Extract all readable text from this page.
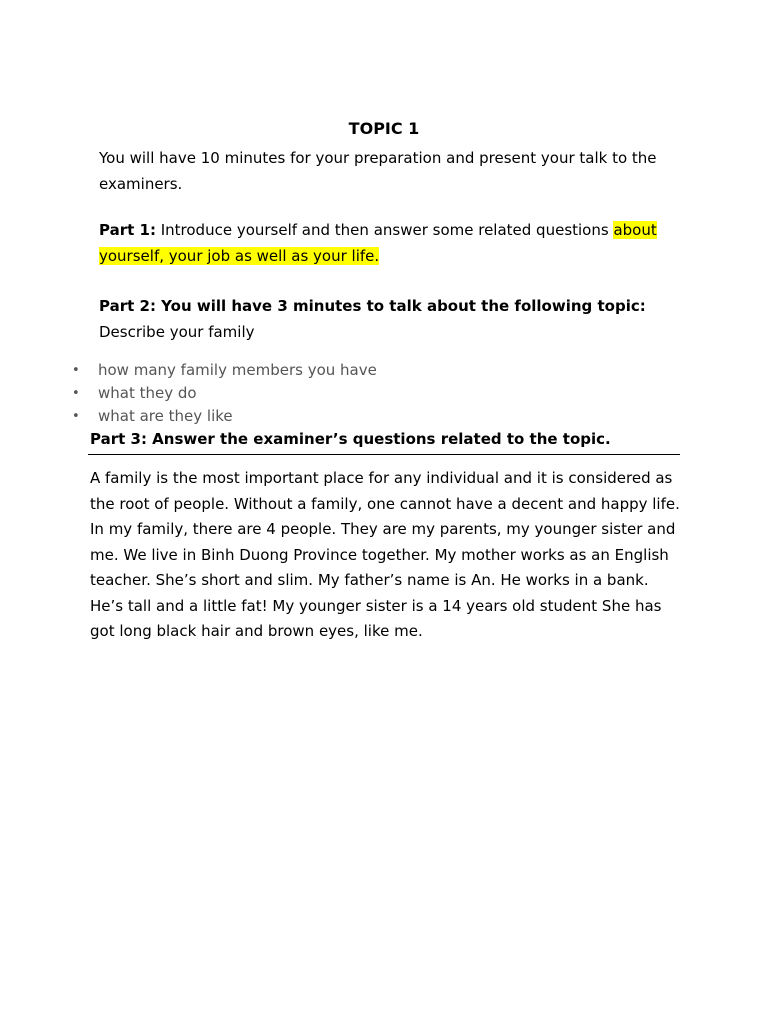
TOPIC 1
You will have 10 minutes for your preparation and present your talk to the examiners.
Part 1: Introduce yourself and then answer some related questions about yourself, your job as well as your life.
Part 2: You will have 3 minutes to talk about the following topic:
Describe your family
• how many family members you have
• what they do
• what are they like
Part 3: Answer the examiner’s questions related to the topic.
A family is the most important place for any individual and it is considered as the root of people. Without a family, one cannot have a decent and happy life. In my family, there are 4 people. They are my parents, my younger sister and me. We live in Binh Duong Province together. My mother works as an English teacher. She’s short and slim. My father’s name is An. He works in a bank. He’s tall and a little fat! My younger sister is a 14 years old student She has got long black hair and brown eyes, like me.
